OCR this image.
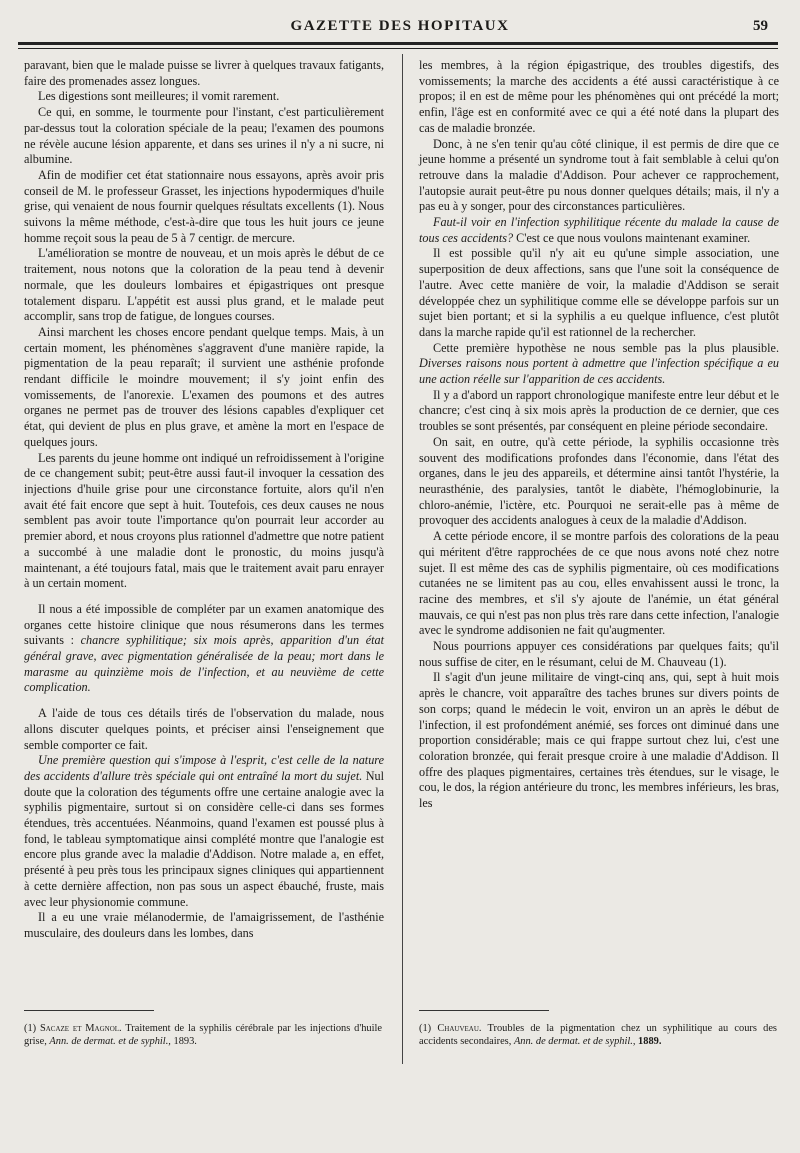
GAZETTE DES HOPITAUX	59

paravant, bien que le malade puisse se livrer à quelques travaux fatigants, faire des promenades assez longues.

Les digestions sont meilleures; il vomit rarement.

Ce qui, en somme, le tourmente pour l'instant, c'est particulièrement par-dessus tout la coloration spéciale de la peau; l'examen des poumons ne révèle aucune lésion apparente, et dans ses urines il n'y a ni sucre, ni albumine.

Afin de modifier cet état stationnaire nous essayons, après avoir pris conseil de M. le professeur Grasset, les injections hypodermiques d'huile grise, qui venaient de nous fournir quelques résultats excellents (1). Nous suivons la même méthode, c'est-à-dire que tous les huit jours ce jeune homme reçoit sous la peau de 5 à 7 centigr. de mercure.

L'amélioration se montre de nouveau, et un mois après le début de ce traitement, nous notons que la coloration de la peau tend à devenir normale, que les douleurs lombaires et épigastriques ont presque totalement disparu. L'appétit est aussi plus grand, et le malade peut accomplir, sans trop de fatigue, de longues courses.

Ainsi marchent les choses encore pendant quelque temps. Mais, à un certain moment, les phénomènes s'aggravent d'une manière rapide, la pigmentation de la peau reparaît; il survient une asthénie profonde rendant difficile le moindre mouvement; il s'y joint enfin des vomissements, de l'anorexie. L'examen des poumons et des autres organes ne permet pas de trouver des lésions capables d'expliquer cet état, qui devient de plus en plus grave, et amène la mort en l'espace de quelques jours.

Les parents du jeune homme ont indiqué un refroidissement à l'origine de ce changement subit; peut-être aussi faut-il invoquer la cessation des injections d'huile grise pour une circonstance fortuite, alors qu'il n'en avait été fait encore que sept à huit. Toutefois, ces deux causes ne nous semblent pas avoir toute l'importance qu'on pourrait leur accorder au premier abord, et nous croyons plus rationnel d'admettre que notre patient a succombé à une maladie dont le pronostic, du moins jusqu'à maintenant, a été toujours fatal, mais que le traitement avait paru enrayer à un certain moment.

Il nous a été impossible de compléter par un examen anatomique des organes cette histoire clinique que nous résumerons dans les termes suivants : chancre syphilitique; six mois après, apparition d'un état général grave, avec pigmentation généralisée de la peau; mort dans le marasme au quinzième mois de l'infection, et au neuvième de cette complication.

A l'aide de tous ces détails tirés de l'observation du malade, nous allons discuter quelques points, et préciser ainsi l'enseignement que semble comporter ce fait.

Une première question qui s'impose à l'esprit, c'est celle de la nature des accidents d'allure très spéciale qui ont entraîné la mort du sujet. Nul doute que la coloration des téguments offre une certaine analogie avec la syphilis pigmentaire, surtout si on considère celle-ci dans ses formes étendues, très accentuées. Néanmoins, quand l'examen est poussé plus à fond, le tableau symptomatique ainsi complété montre que l'analogie est encore plus grande avec la maladie d'Addison. Notre malade a, en effet, présenté à peu près tous les principaux signes cliniques qui appartiennent à cette dernière affection, non pas sous un aspect ébauché, fruste, mais avec leur physionomie commune.

Il a eu une vraie mélanodermie, de l'amaigrissement, de l'asthénie musculaire, des douleurs dans les lombes, dans

les membres, à la région épigastrique, des troubles digestifs, des vomissements; la marche des accidents a été aussi caractéristique à ce propos; il en est de même pour les phénomènes qui ont précédé la mort; enfin, l'âge est en conformité avec ce qui a été noté dans la plupart des cas de maladie bronzée.

Donc, à ne s'en tenir qu'au côté clinique, il est permis de dire que ce jeune homme a présenté un syndrome tout à fait semblable à celui qu'on retrouve dans la maladie d'Addison. Pour achever ce rapprochement, l'autopsie aurait peut-être pu nous donner quelques détails; mais, il n'y a pas eu à y songer, pour des circonstances particulières.

Faut-il voir en l'infection syphilitique récente du malade la cause de tous ces accidents? C'est ce que nous voulons maintenant examiner.

Il est possible qu'il n'y ait eu qu'une simple association, une superposition de deux affections, sans que l'une soit la conséquence de l'autre. Avec cette manière de voir, la maladie d'Addison se serait développée chez un syphilitique comme elle se développe parfois sur un sujet bien portant; et si la syphilis a eu quelque influence, c'est plutôt dans la marche rapide qu'il est rationnel de la rechercher.

Cette première hypothèse ne nous semble pas la plus plausible. Diverses raisons nous portent à admettre que l'infection spécifique a eu une action réelle sur l'apparition de ces accidents.

Il y a d'abord un rapport chronologique manifeste entre leur début et le chancre; c'est cinq à six mois après la production de ce dernier, que ces troubles se sont présentés, par conséquent en pleine période secondaire.

On sait, en outre, qu'à cette période, la syphilis occasionne très souvent des modifications profondes dans l'économie, dans l'état des organes, dans le jeu des appareils, et détermine ainsi tantôt l'hystérie, la neurasthénie, des paralysies, tantôt le diabète, l'hémoglobinurie, la chloro-anémie, l'ictère, etc. Pourquoi ne serait-elle pas à même de provoquer des accidents analogues à ceux de la maladie d'Addison.

A cette période encore, il se montre parfois des colorations de la peau qui méritent d'être rapprochées de ce que nous avons noté chez notre sujet. Il est même des cas de syphilis pigmentaire, où ces modifications cutanées ne se limitent pas au cou, elles envahissent aussi le tronc, la racine des membres, et s'il s'y ajoute de l'anémie, un état général mauvais, ce qui n'est pas non plus très rare dans cette infection, l'analogie avec le syndrome addisonien ne fait qu'augmenter.

Nous pourrions appuyer ces considérations par quelques faits; qu'il nous suffise de citer, en le résumant, celui de M. Chauveau (1).

Il s'agit d'un jeune militaire de vingt-cinq ans, qui, sept à huit mois après le chancre, voit apparaître des taches brunes sur divers points de son corps; quand le médecin le voit, environ un an après le début de l'infection, il est profondément anémié, ses forces ont diminué dans une proportion considérable; mais ce qui frappe surtout chez lui, c'est une coloration bronzée, qui ferait presque croire à une maladie d'Addison. Il offre des plaques pigmentaires, certaines très étendues, sur le visage, le cou, le dos, la région antérieure du tronc, les membres inférieurs, les bras, les

(1) Sacaze et Magnol. Traitement de la syphilis cérébrale par les injections d'huile grise, Ann. de dermat. et de syphil., 1893.
(1) Chauveau. Troubles de la pigmentation chez un syphilitique au cours des accidents secondaires, Ann. de dermat. et de syphil., 1889.
